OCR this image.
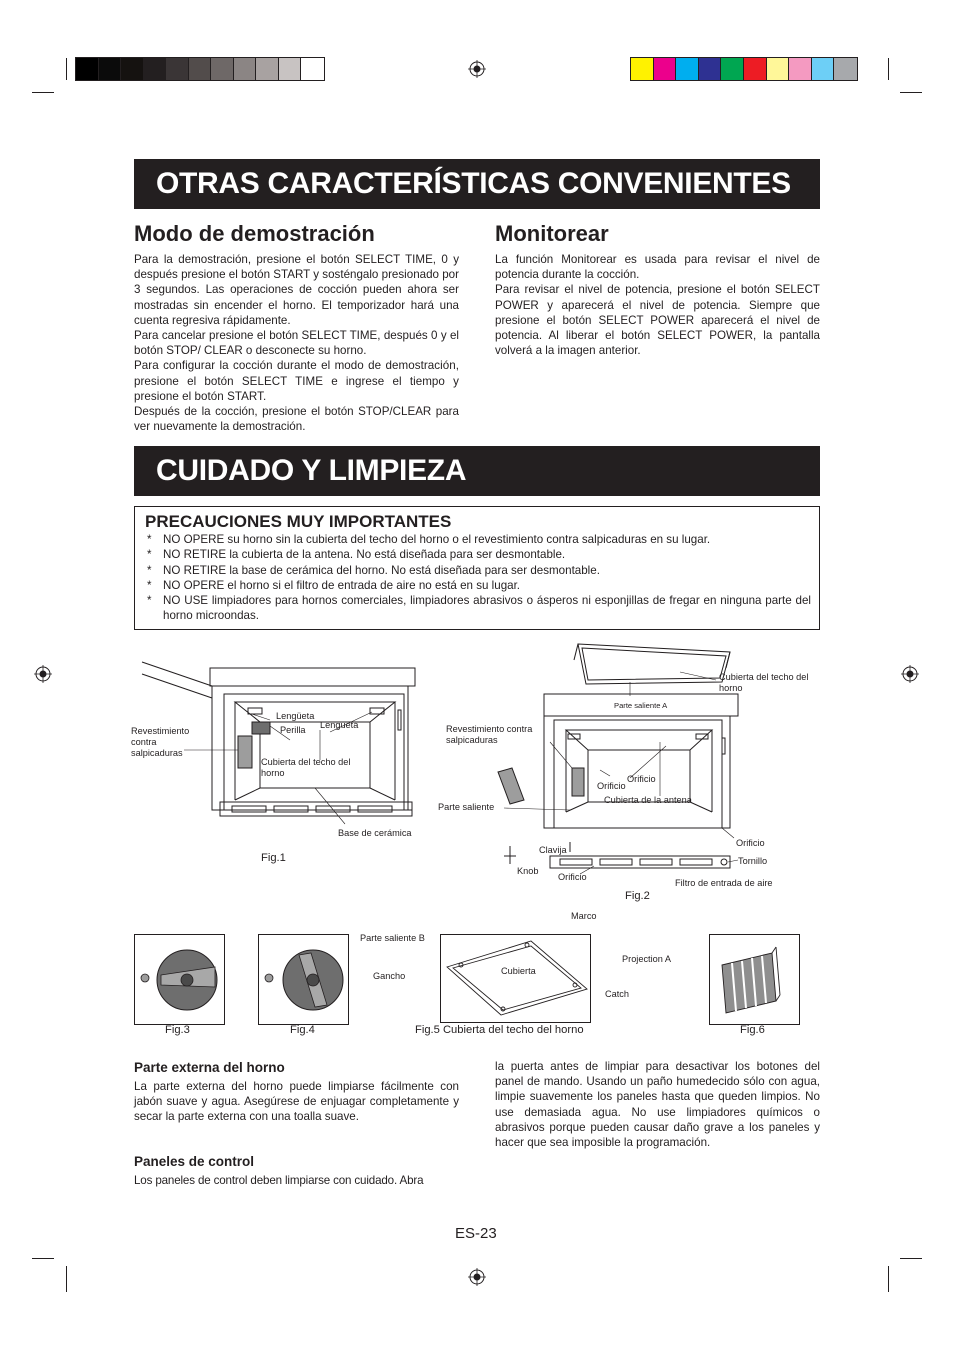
OTRAS CARACTERÍSTICAS CONVENIENTES
Modo de demostración

Para la demostración, presione el botón SELECT TIME, 0 y después presione el botón START y sosténgalo presionado por 3 segundos. Las operaciones de cocción pueden ahora ser mostradas sin encender el horno. El temporizador hará una cuenta regresiva rápidamente.

Para cancelar presione el botón SELECT TIME, después 0 y el botón STOP/ CLEAR o desconecte su horno.

Para configurar la cocción durante el modo de demostración, presione el botón SELECT TIME e ingrese el tiempo y presione el botón START.

Después de la cocción, presione el botón STOP/CLEAR para ver nuevamente la demostración.

Monitorear

La función Monitorear es usada para revisar el nivel de potencia durante la cocción.

Para revisar el nivel de potencia, presione el botón SELECT POWER y aparecerá el nivel de potencia. Siempre que presione el botón SELECT POWER aparecerá el nivel de potencia. Al liberar el botón SELECT POWER, la pantalla volverá a la imagen anterior.

CUIDADO Y LIMPIEZA
PRECAUCIONES MUY IMPORTANTES
* NO OPERE su horno sin la cubierta del techo del horno o el revestimiento contra salpicaduras en su lugar.
* NO RETIRE la cubierta de la antena. No está diseñada para ser desmontable.
* NO RETIRE la base de cerámica del horno. No está diseñada para ser desmontable.
* NO OPERE el horno si el filtro de entrada de aire no está en su lugar.
* NO USE limpiadores para hornos comerciales, limpiadores abrasivos o ásperos ni esponjillas de fregar en ninguna parte del horno microondas.
Revestimiento contra salpicaduras
Lengüeta
Perilla Lengüetá
Cubierta del techo del horno
Base de cerámica
Fig.1
Cubierta del techo del horno
Parte saliente A
Revestimiento contra salpicaduras
Orificio
Orificio
Cubierta de la antena
Parte saliente
Orificio
Clavija
Tornillo
Knob
Orificio
Filtro de entrada de aire
Fig.2
Fig.3	Fig.4
Marco
Parte saliente B
Cubierta
Projection A
Gancho
Catch
Fig.5 Cubierta del techo del horno	Fig.6
Parte externa del horno
La parte externa del horno puede limpiarse fácilmente con jabón suave y agua. Asegúrese de enjuagar completamente y secar la parte externa con una toalla suave.
Paneles de control
Los paneles de control deben limpiarse con cuidado. Abra
la puerta antes de limpiar para desactivar los botones del panel de mando. Usando un paño humedecido sólo con agua, limpie suavemente los paneles hasta que queden limpios. No use demasiada agua. No use limpiadores químicos o abrasivos porque pueden causar daño grave a los paneles y hacer que sea imposible la programación.
ES-23
